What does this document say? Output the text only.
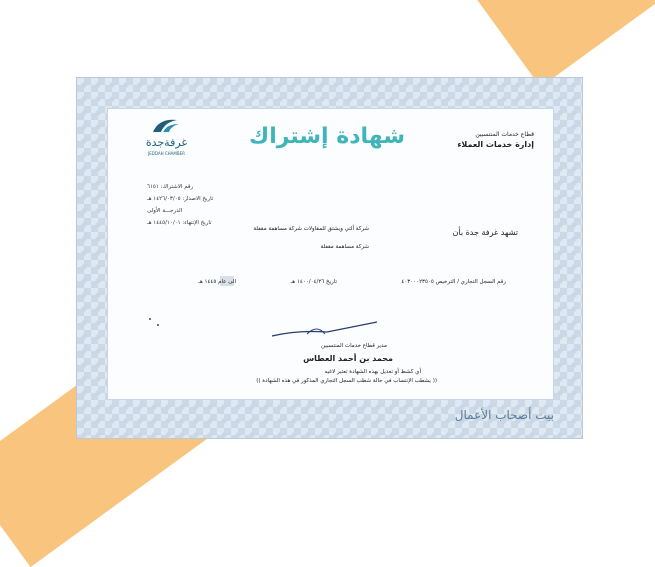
غرفةجدة
JEDDAH CHAMBER
شهادة إشتراك	قطاع خدمات المنتسبين
إدارة خدمات العملاء
رقم الاشتراك: ٦١٥١
تاريخ الاصدار: ١٤٢٦/٠٣/٠٥ هـ
الدرجـــة الأولى
تاريخ الإنتهاء: ١٤٤٥/١٠/٠١ هـ
تشهد غرفة جدة بأن
شركة ألتي ويشتق للمقاولات شركة مساهمة مقفلة
شركة مساهمة مقفلة
رقم السجل التجاري / الترخيص ٤٠٣٠٠٠٢٣٥٠٥
تاريخ ١٤٠٠/٠٤/٢٦ هـ
الى عام ١٤٤٥ هـ
مدير قطاع خدمات المنتسبين
محمد بن أحمد العطاس
أي كشط أو تعديل بهذه الشهادة تعتبر لاغيه
(( يشطب الإنتساب في حالة شطب السجل التجاري المذكور في هذه الشهادة ))
بيت أصحاب الأعمال
